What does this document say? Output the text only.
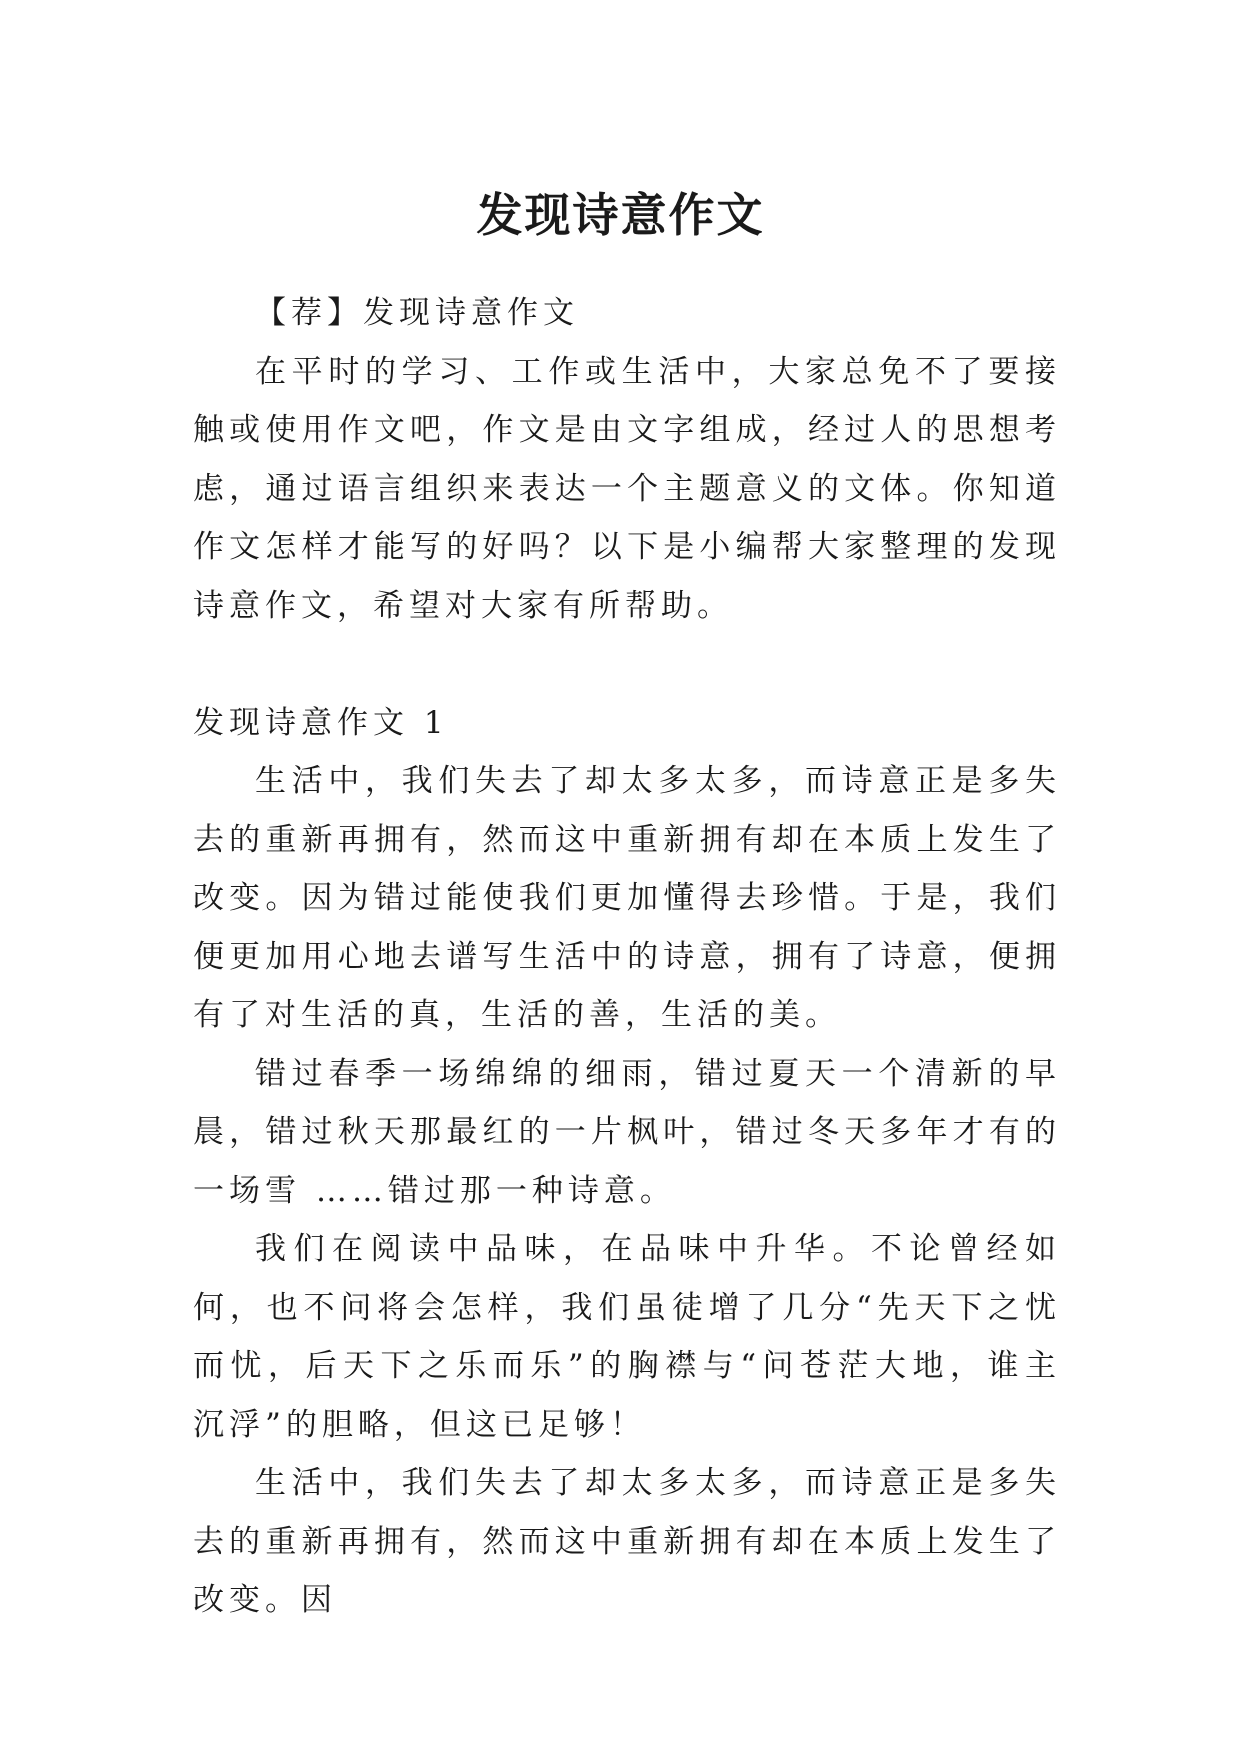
发现诗意作文

【荐】发现诗意作文

在平时的学习、工作或生活中，大家总免不了要接触或使用作文吧，作文是由文字组成，经过人的思想考虑，通过语言组织来表达一个主题意义的文体。你知道作文怎样才能写的好吗？以下是小编帮大家整理的发现诗意作文，希望对大家有所帮助。

发现诗意作文 1

生活中，我们失去了却太多太多，而诗意正是多失去的重新再拥有，然而这中重新拥有却在本质上发生了改变。因为错过能使我们更加懂得去珍惜。于是，我们便更加用心地去谱写生活中的诗意，拥有了诗意，便拥有了对生活的真，生活的善，生活的美。

错过春季一场绵绵的细雨，错过夏天一个清新的早晨，错过秋天那最红的一片枫叶，错过冬天多年才有的一场雪 ……错过那一种诗意。

我们在阅读中品味，在品味中升华。不论曾经如何，也不问将会怎样，我们虽徒增了几分“先天下之忧而忧，后天下之乐而乐”的胸襟与“问苍茫大地，谁主沉浮”的胆略，但这已足够！

生活中，我们失去了却太多太多，而诗意正是多失去的重新再拥有，然而这中重新拥有却在本质上发生了改变。因
